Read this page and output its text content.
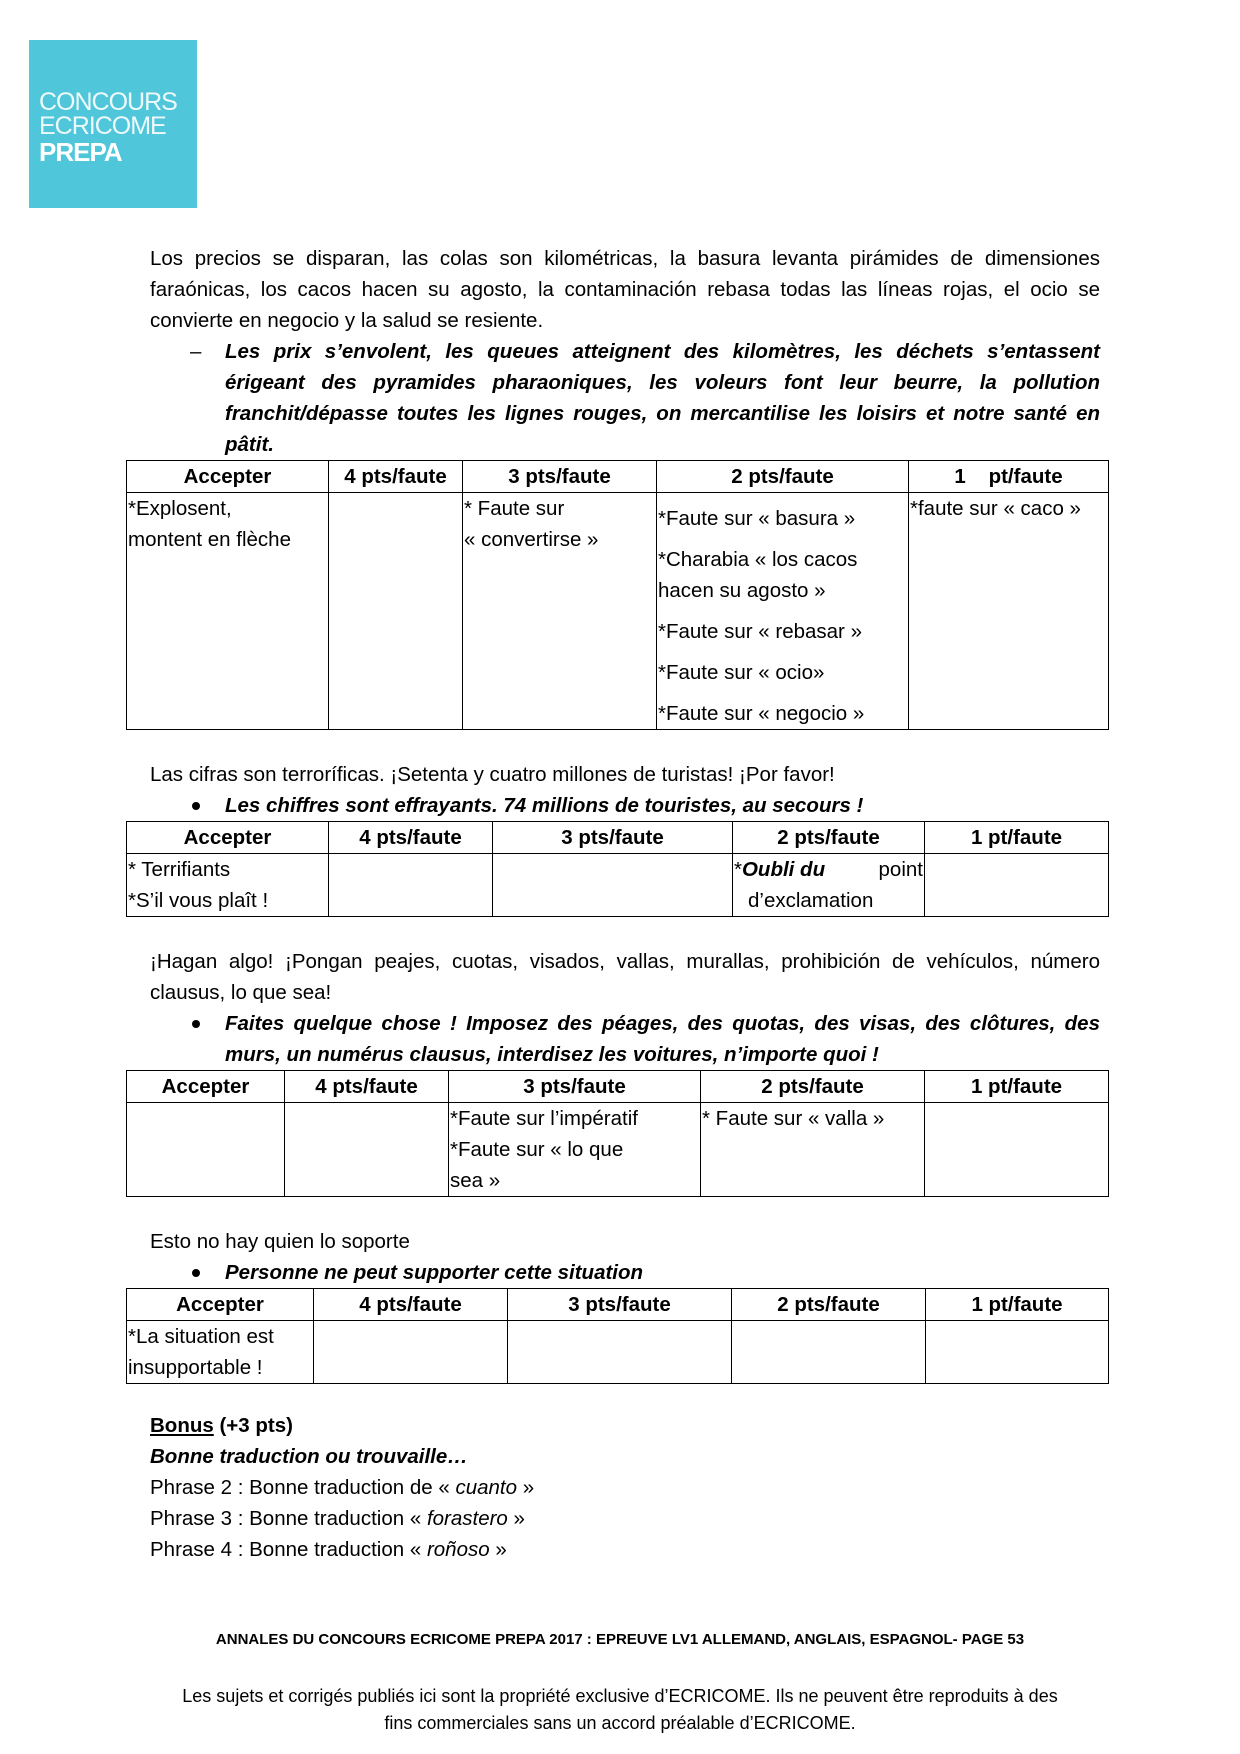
CONCOURS
ECRICOME
PREPA

Los precios se disparan, las colas son kilométricas, la basura levanta pirámides de dimensiones faraónicas, los cacos hacen su agosto, la contaminación rebasa todas las líneas rojas, el ocio se convierte en negocio y la salud se resiente.

– Les prix s’envolent, les queues atteignent des kilomètres, les déchets s’entassent érigeant des pyramides pharaoniques, les voleurs font leur beurre, la pollution franchit/dépasse toutes les lignes rouges, on mercantilise les loisirs et notre santé en pâtit.

Accepter	4 pts/faute	3 pts/faute	2 pts/faute	1    pt/faute

*Explosent,
montent en flèche		* Faute sur
« convertirse »	*Faute sur « basura »
*Charabia « los cacos hacen su agosto »
*Faute sur « rebasar »
*Faute sur « ocio»
*Faute sur « negocio »	*faute sur « caco »

Las cifras son terroríficas. ¡Setenta y cuatro millones de turistas! ¡Por favor!

Les chiffres sont effrayants. 74 millions de touristes, au secours !

Accepter	4 pts/faute	3 pts/faute	2 pts/faute	1 pt/faute

* Terrifiants
*S’il vous plaît !			*Oubli du point
d’exclamation	

¡Hagan algo! ¡Pongan peajes, cuotas, visados, vallas, murallas, prohibición de vehículos, número clausus, lo que sea!

Faites quelque chose ! Imposez des péages, des quotas, des visas, des clôtures, des murs, un numérus clausus, interdisez les voitures, n’importe quoi !

Accepter	4 pts/faute	3 pts/faute	2 pts/faute	1 pt/faute

		*Faute sur l’impératif
*Faute sur « lo que
sea »	* Faute sur « valla »	

Esto no hay quien lo soporte

Personne ne peut supporter cette situation

Accepter	4 pts/faute	3 pts/faute	2 pts/faute	1 pt/faute

*La situation est
insupportable !				

Bonus (+3 pts)
Bonne traduction ou trouvaille…
Phrase 2 : Bonne traduction de « cuanto »
Phrase 3 : Bonne traduction « forastero »
Phrase 4 : Bonne traduction « roñoso »
ANNALES DU CONCOURS ECRICOME PREPA 2017 : EPREUVE LV1 ALLEMAND, ANGLAIS, ESPAGNOL- PAGE 53
Les sujets et corrigés publiés ici sont la propriété exclusive d’ECRICOME. Ils ne peuvent être reproduits à des
fins commerciales sans un accord préalable d’ECRICOME.
